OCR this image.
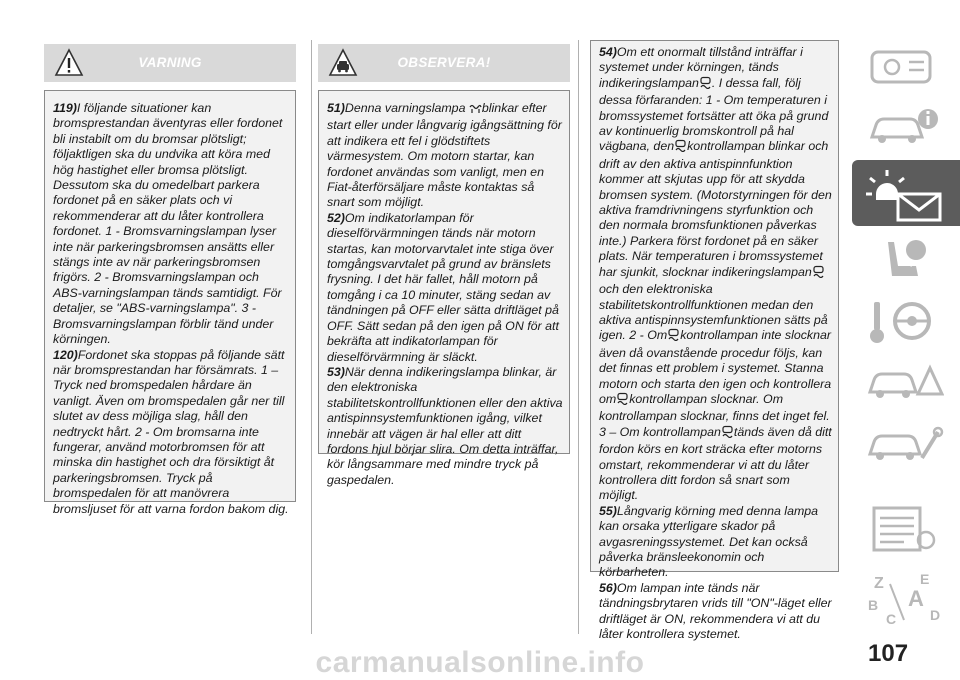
VARNING

119)I följande situationer kan bromsprestandan äventyras eller fordonet bli instabilt om du bromsar plötsligt; följaktligen ska du undvika att köra med hög hastighet eller bromsa plötsligt. Dessutom ska du omedelbart parkera fordonet på en säker plats och vi rekommenderar att du låter kontrollera fordonet. 1 - Bromsvarningslampan lyser inte när parkeringsbromsen ansätts eller stängs inte av när parkeringsbromsen frigörs. 2 - Bromsvarningslampan och ABS-varningslampan tänds samtidigt. För detaljer, se "ABS-varningslampa". 3 - Bromsvarningslampan förblir tänd under körningen.

120)Fordonet ska stoppas på följande sätt när bromsprestandan har försämrats. 1 – Tryck ned bromspedalen hårdare än vanligt. Även om bromspedalen går ner till slutet av dess möjliga slag, håll den nedtryckt hårt. 2 - Om bromsarna inte fungerar, använd motorbromsen för att minska din hastighet och dra försiktigt åt parkeringsbromsen. Tryck på bromspedalen för att manövrera bromsljuset för att varna fordon bakom dig.

OBSERVERA!

51)Denna varningslampa blinkar efter start eller under långvarig igångsättning för att indikera ett fel i glödstiftets värmesystem. Om motorn startar, kan fordonet användas som vanligt, men en Fiat-återförsäljare måste kontaktas så snart som möjligt.

52)Om indikatorlampan för dieselförvärmningen tänds när motorn startas, kan motorvarvtalet inte stiga över tomgångsvarvtalet på grund av bränslets frysning. I det här fallet, håll motorn på tomgång i ca 10 minuter, stäng sedan av tändningen på OFF eller sätta driftläget på OFF. Sätt sedan på den igen på ON för att bekräfta att indikatorlampan för dieselförvärmning är släckt.

53)När denna indikeringslampa blinkar, är den elektroniska stabilitetskontrollfunktionen eller den aktiva antispinnsystemfunktionen igång, vilket innebär att vägen är hal eller att ditt fordons hjul börjar slira. Om detta inträffar, kör långsammare med mindre tryck på gaspedalen.

54)Om ett onormalt tillstånd inträffar i systemet under körningen, tänds indikeringslampan . I dessa fall, följ dessa förfaranden: 1 - Om temperaturen i bromssystemet fortsätter att öka på grund av kontinuerlig bromskontroll på hal vägbana, den kontrollampan blinkar och drift av den aktiva antispinnfunktion kommer att skjutas upp för att skydda bromsen system. (Motorstyrningen för den aktiva framdrivningens styrfunktion och den normala bromsfunktionen påverkas inte.) Parkera först fordonet på en säker plats. När temperaturen i bromssystemet har sjunkit, slocknar indikeringslampanoch den elektroniska stabilitetskontrollfunktionen medan den aktiva antispinnsystemfunktionen sätts på igen. 2 - Om kontrollampan inte slocknar även då ovanstående procedur följs, kan det finnas ett problem i systemet. Stanna motorn och starta den igen och kontrollera om kontrollampan slocknar. Om kontrollampan slocknar, finns det inget fel. 3 – Om kontrollampan tänds även då ditt fordon körs en kort sträcka efter motorns omstart, rekommenderar vi att du låter kontrollera ditt fordon så snart som möjligt.

55)Långvarig körning med denna lampa kan orsaka ytterligare skador på avgasreningssystemet. Det kan också påverka bränsleekonomin och körbarheten.

56)Om lampan inte tänds när tändningsbrytaren vrids till "ON"-läget eller driftläget är ON, rekommendera vi att du låter kontrollera systemet.

Z	E
B A
C D
107
carmanualsonline.info
